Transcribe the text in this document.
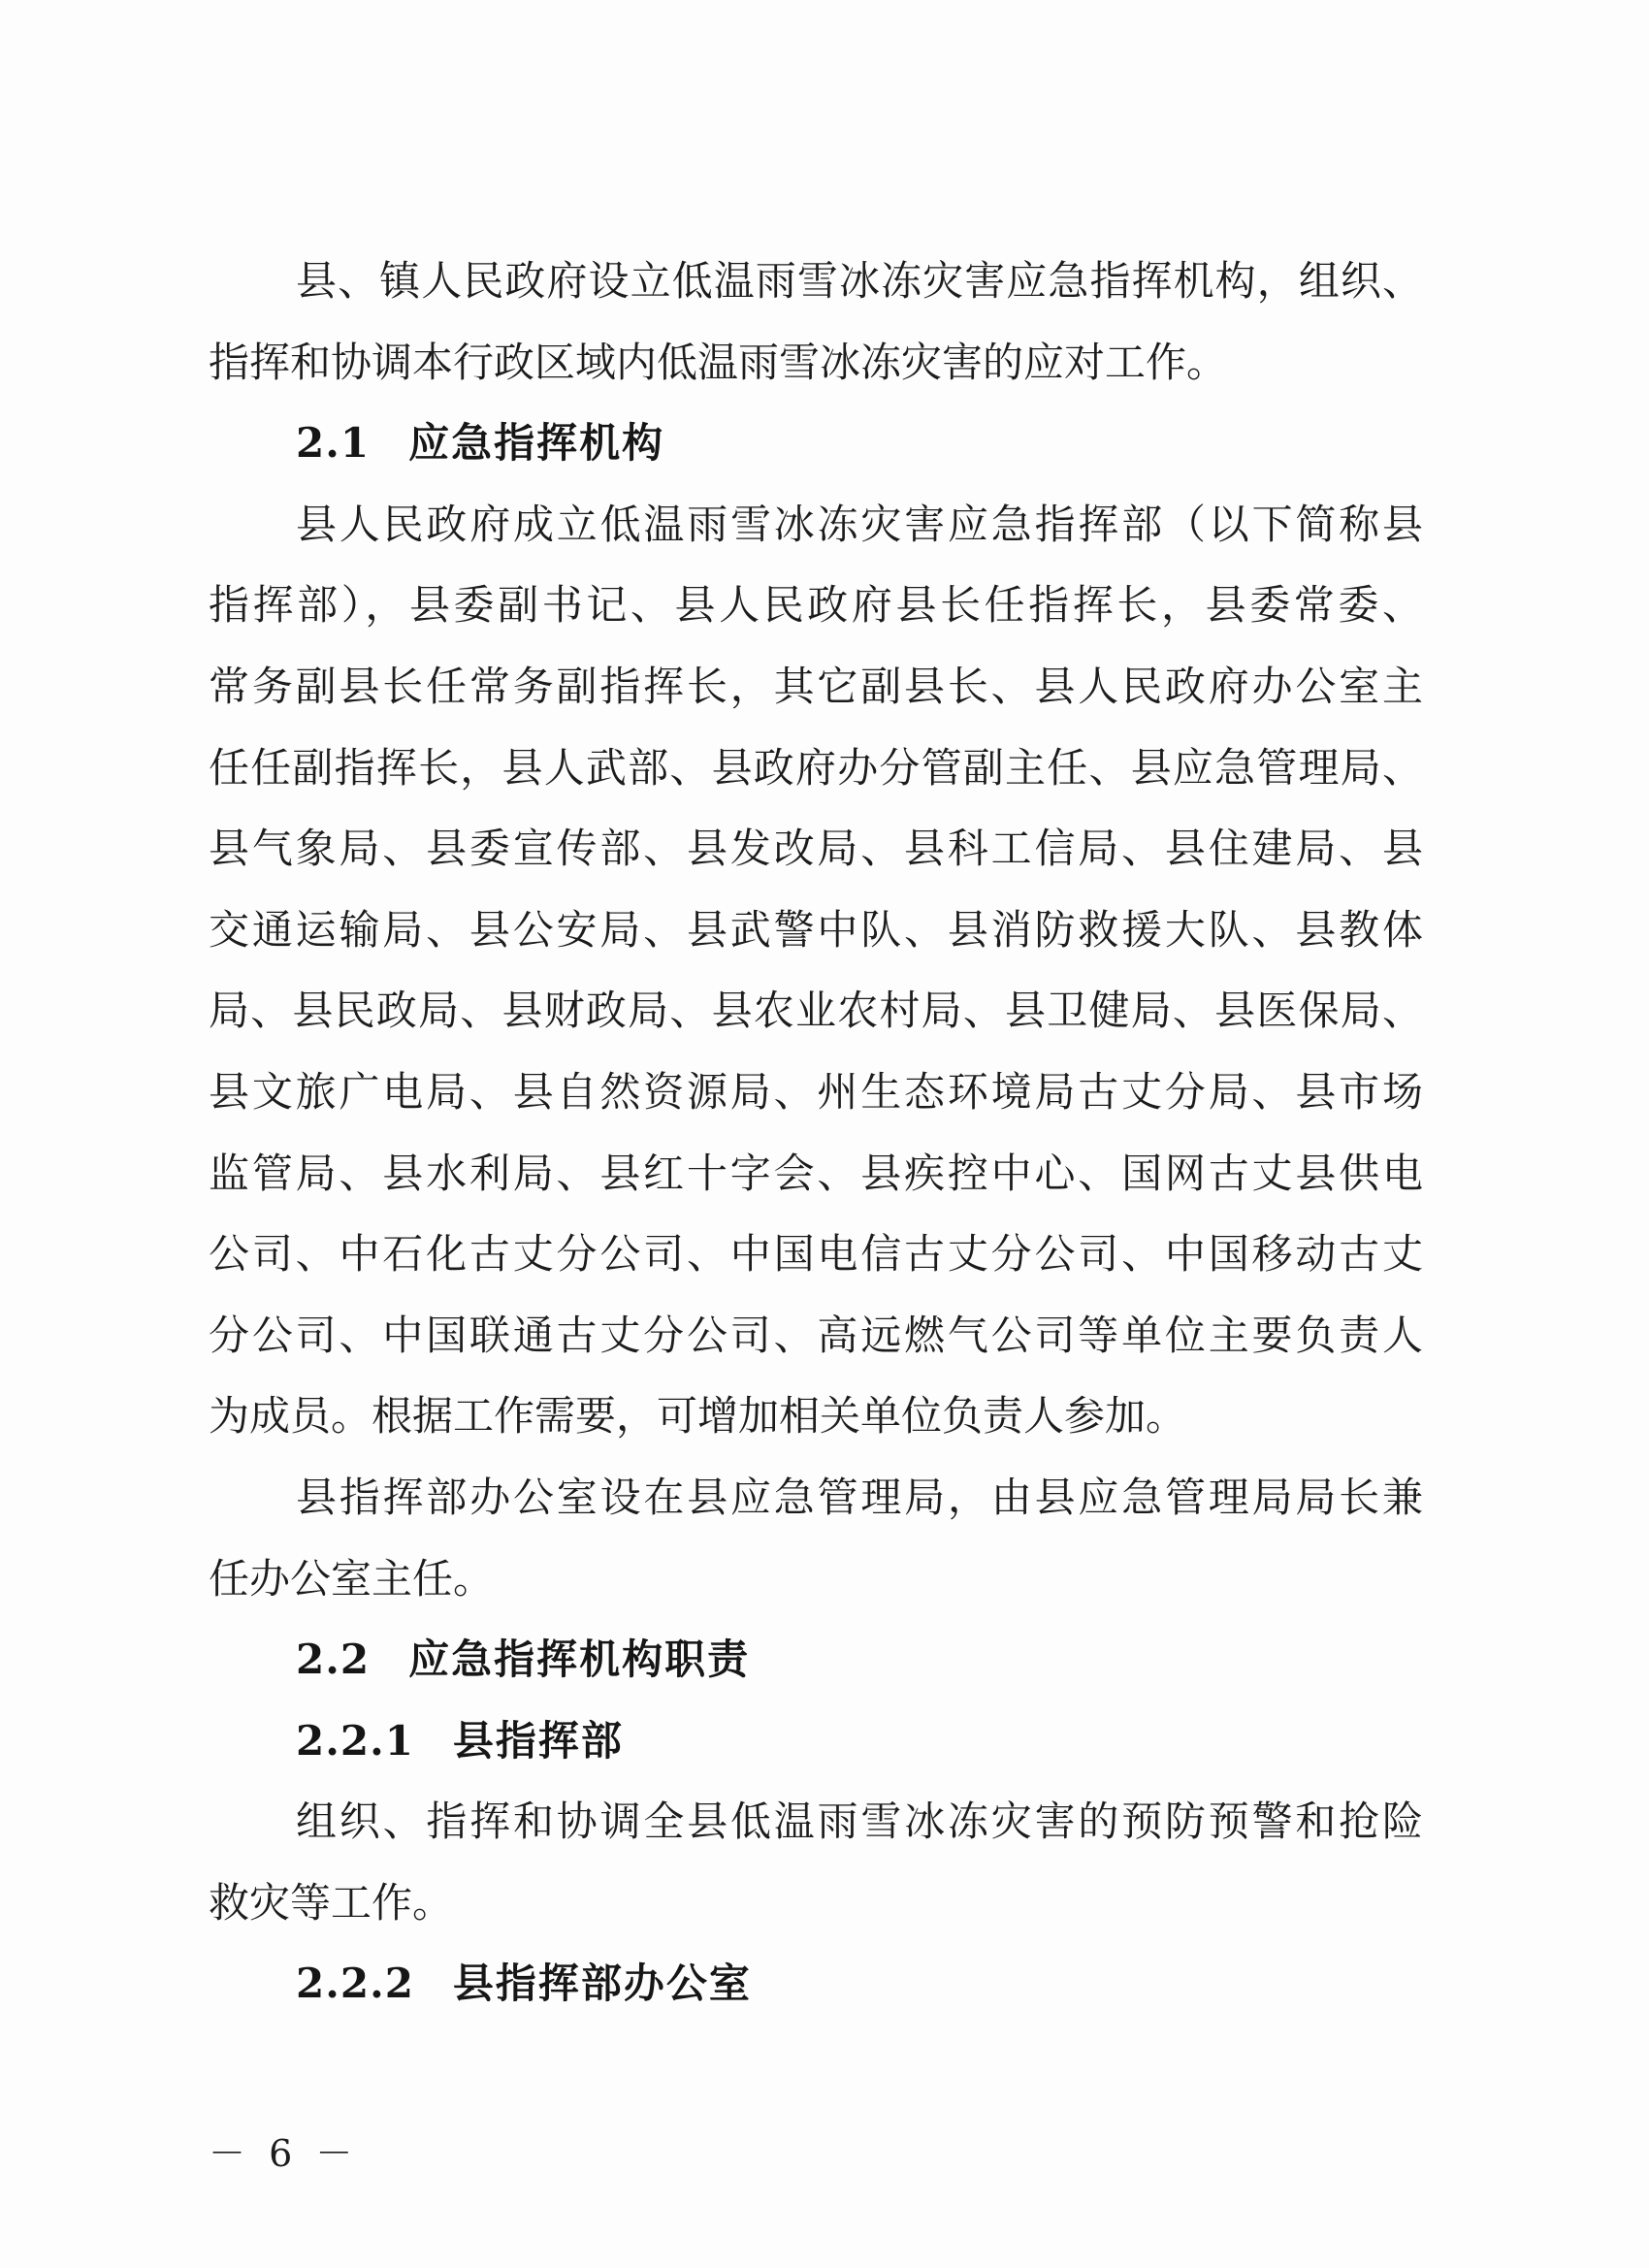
县、镇人民政府设立低温雨雪冰冻灾害应急指挥机构，组织、
指挥和协调本行政区域内低温雨雪冰冻灾害的应对工作。
2.1 应急指挥机构
县人民政府成立低温雨雪冰冻灾害应急指挥部（以下简称县
指挥部），县委副书记、县人民政府县长任指挥长，县委常委、
常务副县长任常务副指挥长，其它副县长、县人民政府办公室主
任任副指挥长，县人武部、县政府办分管副主任、县应急管理局、
县气象局、县委宣传部、县发改局、县科工信局、县住建局、县
交通运输局、县公安局、县武警中队、县消防救援大队、县教体
局、县民政局、县财政局、县农业农村局、县卫健局、县医保局、
县文旅广电局、县自然资源局、州生态环境局古丈分局、县市场
监管局、县水利局、县红十字会、县疾控中心、国网古丈县供电
公司、中石化古丈分公司、中国电信古丈分公司、中国移动古丈
分公司、中国联通古丈分公司、高远燃气公司等单位主要负责人
为成员。根据工作需要，可增加相关单位负责人参加。
县指挥部办公室设在县应急管理局，由县应急管理局局长兼
任办公室主任。
2.2 应急指挥机构职责
2.2.1 县指挥部
组织、指挥和协调全县低温雨雪冰冻灾害的预防预警和抢险
救灾等工作。
2.2.2 县指挥部办公室
－ 6 －
